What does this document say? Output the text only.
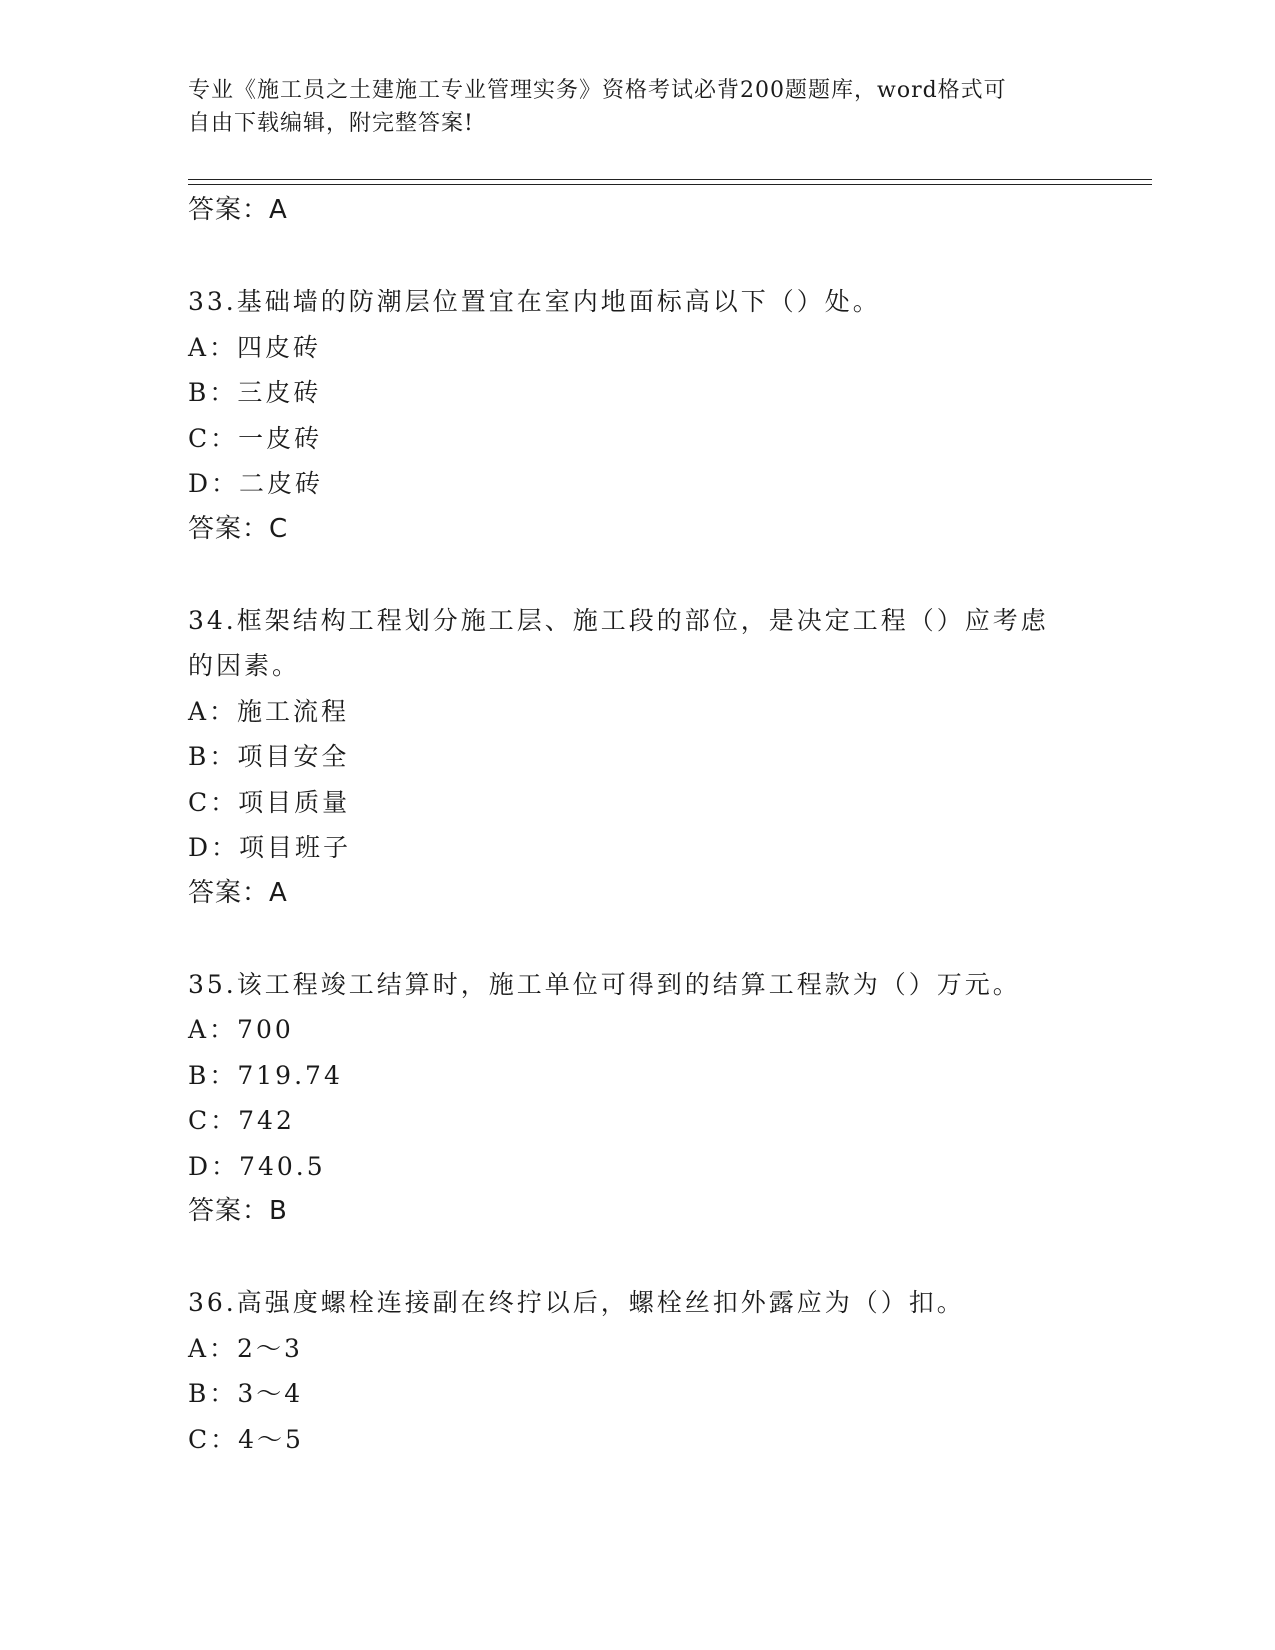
专业《施工员之土建施工专业管理实务》资格考试必背200题题库，word格式可
自由下载编辑，附完整答案!
答案：A
33.基础墙的防潮层位置宜在室内地面标高以下（）处。
A：四皮砖
B：三皮砖
C：一皮砖
D：二皮砖
答案：C
34.框架结构工程划分施工层、施工段的部位，是决定工程（）应考虑
的因素。
A：施工流程
B：项目安全
C：项目质量
D：项目班子
答案：A
35.该工程竣工结算时，施工单位可得到的结算工程款为（）万元。
A：700
B：719.74
C：742
D：740.5
答案：B
36.高强度螺栓连接副在终拧以后，螺栓丝扣外露应为（）扣。
A：2～3
B：3～4
C：4～5
